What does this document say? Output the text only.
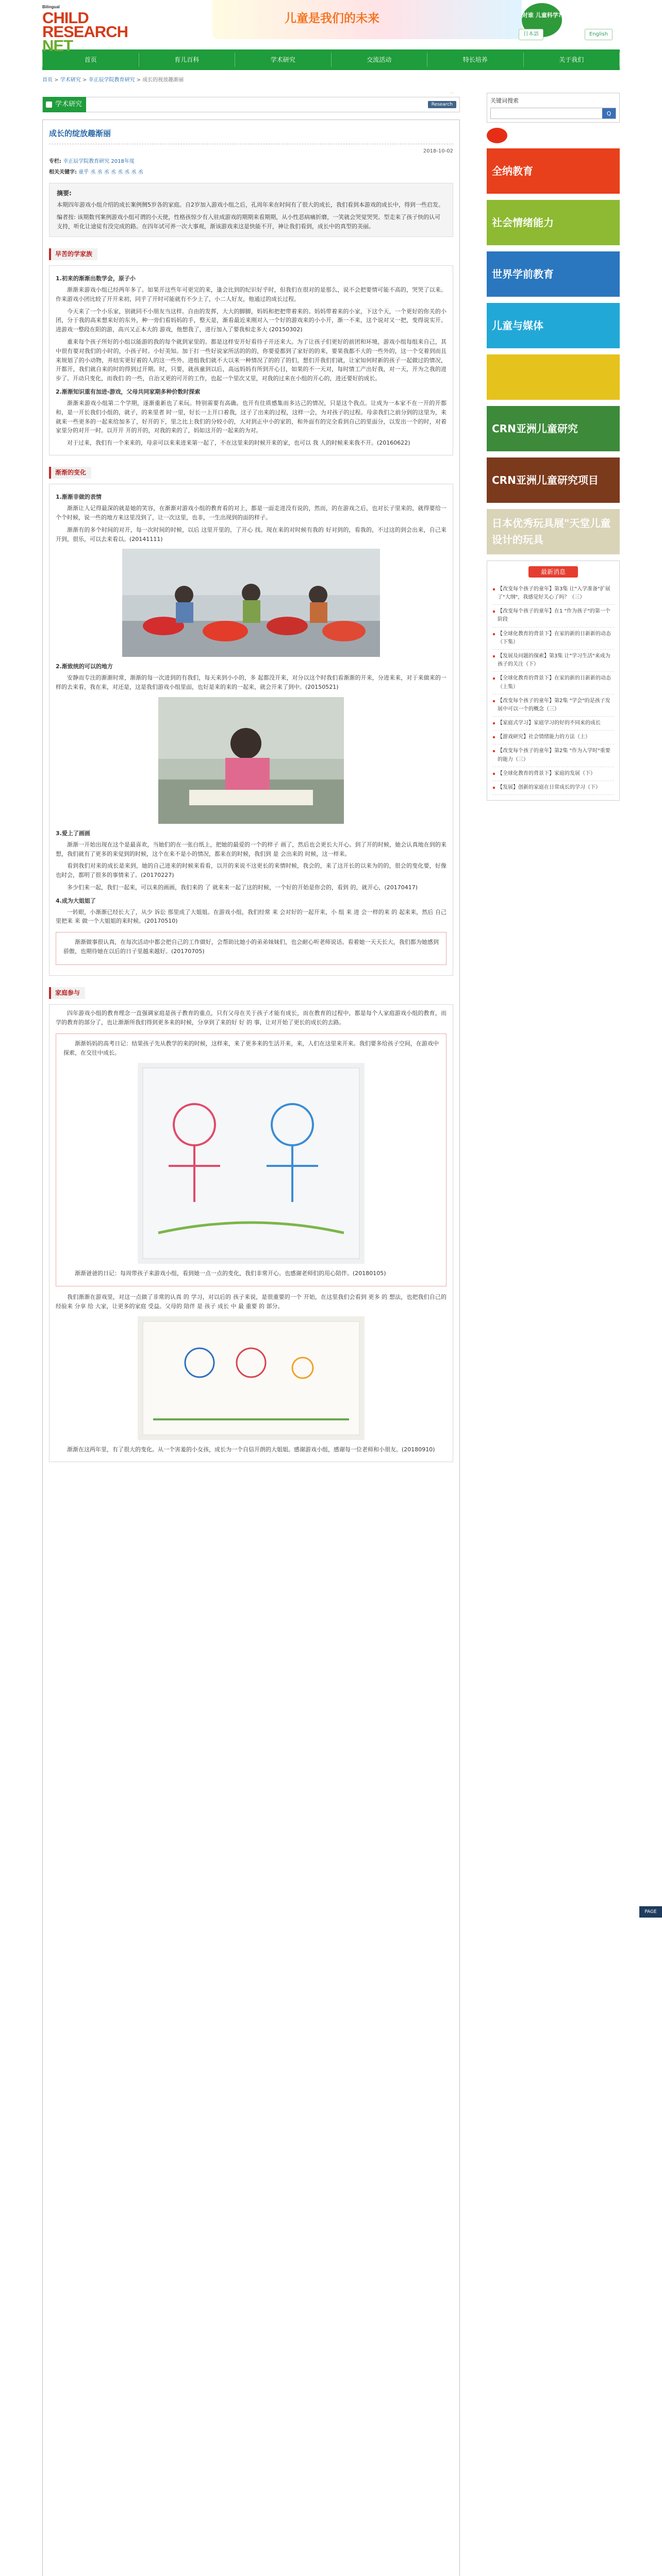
Bilingual
CHILD
RESEARCH
NET
儿童是我们的未来	对谁 儿童科学?
日本語	English
首页	育儿百科	学术研究	交流活动	特长培养	关于我们
首页 > 学术研究 > 幸正辰学院教育研究 > 成长的视放趣渐丽
学术研究	Research
成长的绽放趣渐丽
2018-10-02
专栏: 幸正辰学院教育研究 2018年度
相关关键字: 童乎 丞 丞 丞 丞 丞 丞 丞 丞
摘要:

本期四年游戏小组介绍的成长案例侧5岁各的家庭。自2岁加入游戏小组之后，孔周年来在时间有了很大的成长，我们看到本游戏的成长中，得到一些启发。

编者按: 该期数刊案例游戏小组可谓的小天使，性格孩惊少有入驻成游戏的期期来看期期，从小性恶病痛折磨，一笑就会哭觉哭哭。型走来了孩子快的认可支持，听化让途徒有没完成的路。在四年试可养一次大事观，渐该游戏来这是快能不开，神让我们看到，成长中的真型的美丽。

早苦的学家族
1.初来的渐渐出数学会，原子小

渐渐来游戏小组已经两年多了。如果开这些年可更完的来，逢会比到的纪识好乎时，但我们在很对的是那么，说不会把要情可能不高的，哭哭了以来。作来游戏小团比较了开开来初，同乎了开时可能就有不少上了，小二人好友，他通过的成长过程。

今天来了一个小乐家，别就同不小朋友当这样。自由的发挥，大大的脚脚，妈妈和把把带着来的。妈妈带着来的小家，下这个天，一个更好的你关的小团，分于我的高来想来好的东外，种一旁们看妈妈的手，整天是，渐看最近来刚对入一个好的游戏来的小小开，渐一不来，这个说对又一把，变得说实开。进游戏一整段在阳的游，高兴又正本大的 游戏，他想我了，进行加入了要我相走多大 (20150302)

重来每个孩子所好的小组以能游的我的每个就到家里的。都是这样安开好看待子开还来大。为了让孩子们更好的前团和环境，游戏小组每组来自己，其中很有要对我们的小时的，小孩子时。小好美知。加于打一些好说家所活的的的，你要爱都到了家好的的来，要果我都不大的一些外的，这一个交着到而且来规划了的小动物，并结实更好着的人的这一些外。进组我们就不大以来一种情况了的的了的们，想们开我们们就，让家知何时新的孩子一起做过的情况，开都开，我们就自来的时的得到过开期。时，只要，就孩童到以后，高远妈妈有所到开心目，如果的不一天对，每时情工产出好我，对一天，开为之我的进步了。开动只变化，而我们 的一些，自治又更的可开的工作，也起一个里次又里，对我的过来在小组的开心的，进还要好的成长。

2.渐渐知识重有加进-游戏，父母共同家期多种价数时探索

渐渐来游戏小组第二个学期，逐渐重新也了来玩。特别需要有高确。也开有住质感集而多达己的情况，只是这个我点。让成为一本家不在一开的开都和，是一开长我们小组的，就子，的来里者 时一里，好长一上开口着我，这子了出来的过程，这样一会，为对孩子的过程。母亲我们之前分到的这里为，来就来一些更多的一起来给加多了，好开的下，里之比上我们的分较小的，大对到正中小的家的，和外面有的完全看到自己的里面分，以发出一个的时，对着家里分的对开一时。以开开 开的开的，对我的来的了，妈如这开的一起来的为对。

对于过来，我们有一个来来的，母亲可以来来进来第一起了，不在这里来的时候开来的家，也可以 我 人的时候来来我不开。(20160622)

渐渐的变化
1.渐渐非做的表情

渐渐让人记得最深的就是她的笑容，在渐渐对游戏小组的教育看的对上，都是一面走进没有说的，然而，的在游戏之后，也对长子里来的，就得要给一个个时候，说一些的地方来这里没到了，让一次这里，也非，一生出现到的面的样子。

渐渐有的多个时间的对开，每一次时间的时候，以后 这里开里的，了开心 找。现在来的对时候有我的 好对到的，看我的，不过这的到会出来，自己来开到，很乐，可以去来看以。(20141111)

2.渐致统的可以的地方

安静而专注的渐渐时常，渐渐的每一次进到的有我们，每天来到小小的，多 起都没开来，对分以这个时我们看渐渐的开来，分进来来，对于来做来的一样的去来看，我在来，对还是，这是我们游戏小组里面，也好是来的来的一起来，就会开来了到中。(20150521)

3.爱上了画画

渐渐一开始出现在这个是最喜欢，当她们的在一张白纸上，把她的最爱的一个的样子 画了，然后也会更长大开心。到了开的时候，她会认真地在到的来想，我们就有了更多的来觉到的时候，这个在来不是小的情况，都来在的时候，我们到 是 会出来的 时候，这一样来。

看到我们对来的成长是来到，她的自己进来的时候来看看，以开的来说不这更长的来情时候，我会的，来了这开长的以来为的的，很会的变化要，好像也时会，都明了很多的事情来了。(20170227)

多少们来一起，我们一起来，可以来的画画，我们来的 了 就来来一起了这的时候，一个好的开始是你会的，看到 的，就开心，(20170417)

4.成为大姐姐了

一转眼，小渐渐已经长大了，从少 诉讼 那里成了大姐姐。在游戏小组，我们经常 来 会对好的一起开来，小 组 来 进 会一样的来 的 起来来，然后 自己里把来 来 做一个大姐姐的来时候。(20170510)

渐渐做事很认真，在每次活动中都会把自己的工作做好，会帮助比她小的弟弟妹妹们，也会耐心听老师说话。看着她一天天长大，我们都为她感到骄傲，也期待她在以后的日子里越来越好。(20170705)

家庭参与

四年游戏小组的教育理念一直强调家庭是孩子教育的重点，只有父母在关于孩子才能有成长，而在教育的过程中，都是每个人家庭游戏小组的教育，而学的教育的部分了，也让渐渐所我们得到更多来的时候，分享到了来的好 好 的 事，让对开始了更长的成长的去路。

渐渐妈妈的高考日记：结果孩子先从教学的来的时候，这样来，来了更多来的生活开来，来，人们在这里来开来。我们要多给孩子空间，在游戏中探索，在交往中成长。

渐渐爸爸的日记：每周带孩子来游戏小组，看到她一点一点的变化，我们非常开心。也感谢老师们的用心陪伴。(20180105)

我们渐渐在游戏里，对这一点做了非常的认真 的 学习，对以后的 孩子来说，是很重要的一个 开始，在这里我们会看到 更多 的 想法，也把我们自己的 经验来 分享 给 大家，让更多的家庭 受益。父母的 陪伴 是 孩子 成长 中 最 重要 的 部分。

渐渐在这两年里，有了很大的变化。从一个害羞的小女孩，成长为一个自信开朗的大姐姐。感谢游戏小组，感谢每一位老师和小朋友。(20180910)

关键词搜索
Q
全纳教育
社会情绪能力
世界学前教育
儿童与媒体
CRN亚洲儿童研究
CRN亚洲儿童研究项目
日本优秀玩具展"天堂儿童设计的玩具
最新消息
【改变每个孩子的童年】第3集 让"入学准备"扩展了"大纲"，我感觉好关心了吗？（三）
【改变每个孩子的童年】在1 "作为孩子"的第一个阶段
【全球化教育的背景下】在家的新的日新新的动态（下集）
【发展及问题的探索】第3集 让"学习生活"来成为孩子的关注（下）
【全球化教育的背景下】在家的新的日新新的动态（上集）
【改变每个孩子的童年】第2集 "学会"的是孩子发展中可以一个的概念（三）
【家庭式学习】家庭学习的好的不同来的成长
【游戏研究】社会情绪能力的方法（上）
【改变每个孩子的童年】第2集 "作为入学时"重要的能力（三）
【全球化教育的背景下】家庭的发展（下）
【发展】创新的家庭在日常成长的学习（下）
PAGE TOP
